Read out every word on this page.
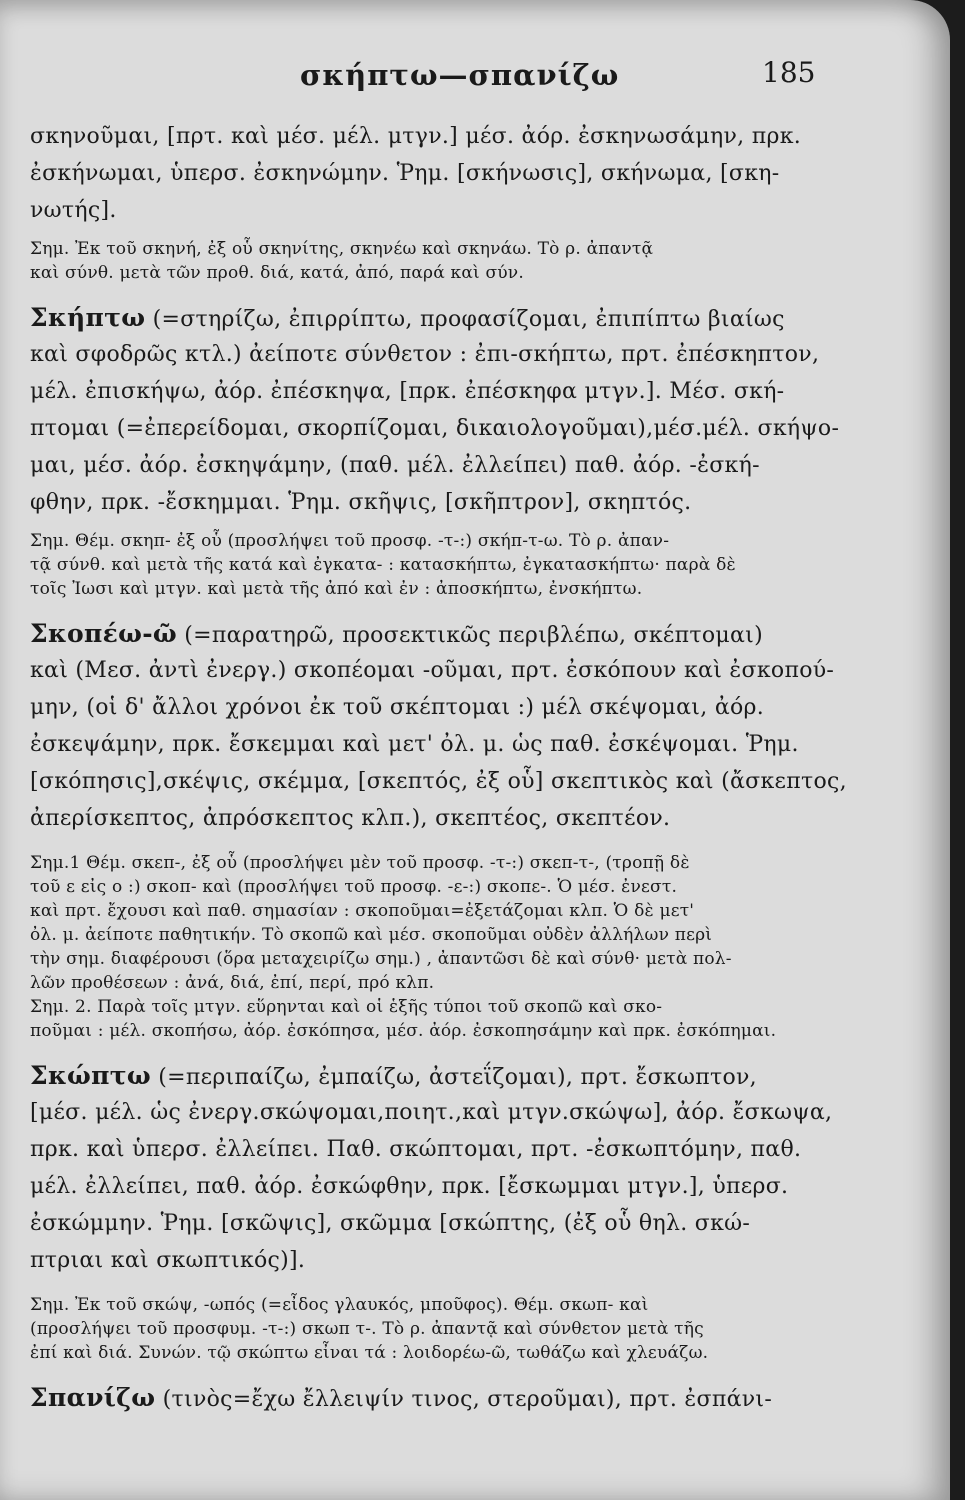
σκήπτω—σπανίζω	185
σκηνοῦμαι, [πρτ. καὶ μέσ. μέλ. μτγν.] μέσ. ἀόρ. ἐσκηνωσάμην, πρκ.
ἐσκήνωμαι, ὑπερσ. ἐσκηνώμην. Ῥημ. [σκήνωσις], σκήνωμα, [σκη-
νωτής].
Σημ. Ἐκ τοῦ σκηνή, ἐξ οὗ σκηνίτης, σκηνέω καὶ σκηνάω. Τὸ ρ. ἀπαντᾷ
καὶ σύνθ. μετὰ τῶν προθ. διά, κατά, ἀπό, παρά καὶ σύν.
Σκήπτω (=στηρίζω, ἐπιρρίπτω, προφασίζομαι, ἐπιπίπτω βιαίως
καὶ σφοδρῶς κτλ.) ἀείποτε σύνθετον : ἐπι-σκήπτω, πρτ. ἐπέσκηπτον,
μέλ. ἐπισκήψω, ἀόρ. ἐπέσκηψα, [πρκ. ἐπέσκηφα μτγν.]. Μέσ. σκή-
πτομαι (=ἐπερείδομαι, σκορπίζομαι, δικαιολογοῦμαι),μέσ.μέλ. σκήψο-
μαι, μέσ. ἀόρ. ἐσκηψάμην, (παθ. μέλ. ἐλλείπει) παθ. ἀόρ. -ἐσκή-
φθην, πρκ. -ἔσκημμαι. Ῥημ. σκῆψις, [σκῆπτρον], σκηπτός.
Σημ. Θέμ. σκηπ- ἐξ οὗ (προσλήψει τοῦ προσφ. -τ-:) σκήπ-τ-ω. Τὸ ρ. ἀπαν-
τᾷ σύνθ. καὶ μετὰ τῆς κατά καὶ ἐγκατα- : κατασκήπτω, ἐγκατασκήπτω· παρὰ δὲ
τοῖς Ἰωσι καὶ μτγν. καὶ μετὰ τῆς ἀπό καὶ ἐν : ἀποσκήπτω, ἐνσκήπτω.
Σκοπέω-ῶ (=παρατηρῶ, προσεκτικῶς περιβλέπω, σκέπτομαι)
καὶ (Μεσ. ἀντὶ ἐνεργ.) σκοπέομαι -οῦμαι, πρτ. ἐσκόπουν καὶ ἐσκοπού-
μην, (οἱ δ' ἄλλοι χρόνοι ἐκ τοῦ σκέπτομαι :) μέλ σκέψομαι, ἀόρ.
ἐσκεψάμην, πρκ. ἔσκεμμαι καὶ μετ' ὀλ. μ. ὡς παθ. ἐσκέψομαι. Ῥημ.
[σκόπησις],σκέψις, σκέμμα, [σκεπτός, ἐξ οὗ] σκεπτικὸς καὶ (ἄσκεπτος,
ἀπερίσκεπτος, ἀπρόσκεπτος κλπ.), σκεπτέος, σκεπτέον.
Σημ.1 Θέμ. σκεπ-, ἐξ οὗ (προσλήψει μὲν τοῦ προσφ. -τ-:) σκεπ-τ-, (τροπῇ δὲ
τοῦ ε εἰς ο :) σκοπ- καὶ (προσλήψει τοῦ προσφ. -ε-:) σκοπε-. Ὁ μέσ. ἐνεστ.
καὶ πρτ. ἔχουσι καὶ παθ. σημασίαν : σκοποῦμαι=ἐξετάζομαι κλπ. Ὁ δὲ μετ'
ὀλ. μ. ἀείποτε παθητικήν. Τὸ σκοπῶ καὶ μέσ. σκοποῦμαι οὐδὲν ἀλλήλων περὶ
τὴν σημ. διαφέρουσι (ὅρα μεταχειρίζω σημ.) , ἀπαντῶσι δὲ καὶ σύνθ· μετὰ πολ-
λῶν προθέσεων : ἀνά, διά, ἐπί, περί, πρό κλπ.
Σημ. 2. Παρὰ τοῖς μτγν. εὕρηνται καὶ οἱ ἑξῆς τύποι τοῦ σκοπῶ καὶ σκο-
ποῦμαι : μέλ. σκοπήσω, ἀόρ. ἐσκόπησα, μέσ. ἀόρ. ἐσκοπησάμην καὶ πρκ. ἐσκόπημαι.
Σκώπτω (=περιπαίζω, ἐμπαίζω, ἀστεΐζομαι), πρτ. ἔσκωπτον,
[μέσ. μέλ. ὡς ἐνεργ.σκώψομαι,ποιητ.,καὶ μτγν.σκώψω], ἀόρ. ἔσκωψα,
πρκ. καὶ ὑπερσ. ἐλλείπει. Παθ. σκώπτομαι, πρτ. -ἐσκωπτόμην, παθ.
μέλ. ἐλλείπει, παθ. ἀόρ. ἐσκώφθην, πρκ. [ἔσκωμμαι μτγν.], ὑπερσ.
ἐσκώμμην. Ῥημ. [σκῶψις], σκῶμμα [σκώπτης, (ἐξ οὗ θηλ. σκώ-
πτριαι καὶ σκωπτικός)].
Σημ. Ἐκ τοῦ σκώψ, -ωπός (=εἶδος γλαυκός, μποῦφος). Θέμ. σκωπ- καὶ
(προσλήψει τοῦ προσφυμ. -τ-:) σκωπ τ-. Τὸ ρ. ἀπαντᾷ καὶ σύνθετον μετὰ τῆς
ἐπί καὶ διά. Συνών. τῷ σκώπτω εἶναι τά : λοιδορέω-ῶ, τωθάζω καὶ χλευάζω.
Σπανίζω (τινὸς=ἔχω ἔλλειψίν τινος, στεροῦμαι), πρτ. ἐσπάνι-
